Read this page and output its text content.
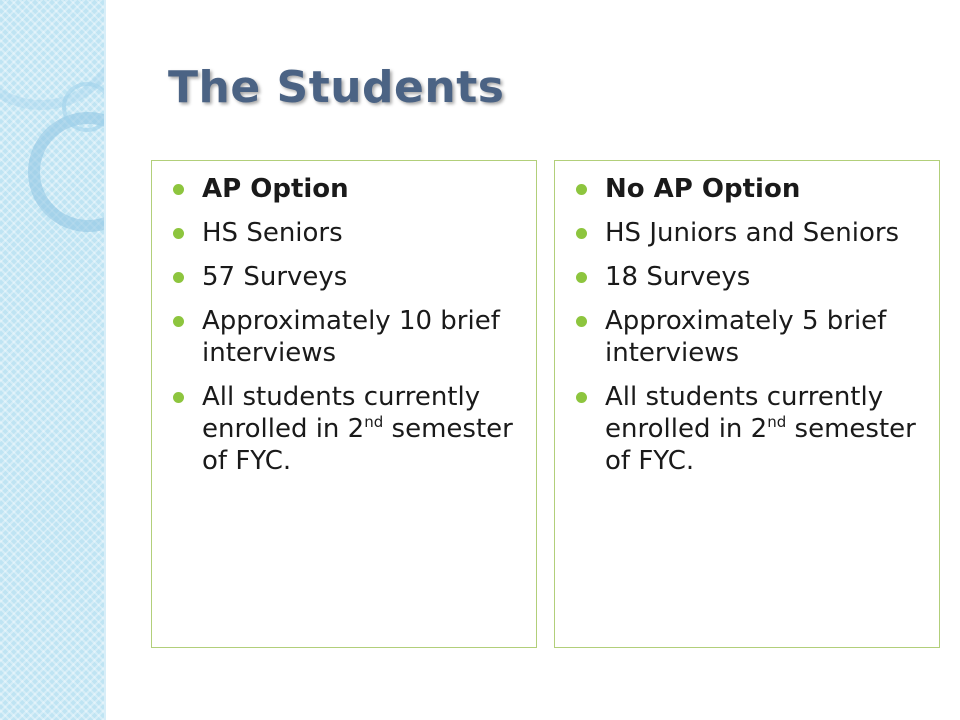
The Students
AP Option
HS Seniors
57 Surveys
Approximately 10 brief interviews
All students currently enrolled in 2nd semester of FYC.
No AP Option
HS Juniors and Seniors
18 Surveys
Approximately 5 brief interviews
All students currently enrolled in 2nd semester of FYC.
